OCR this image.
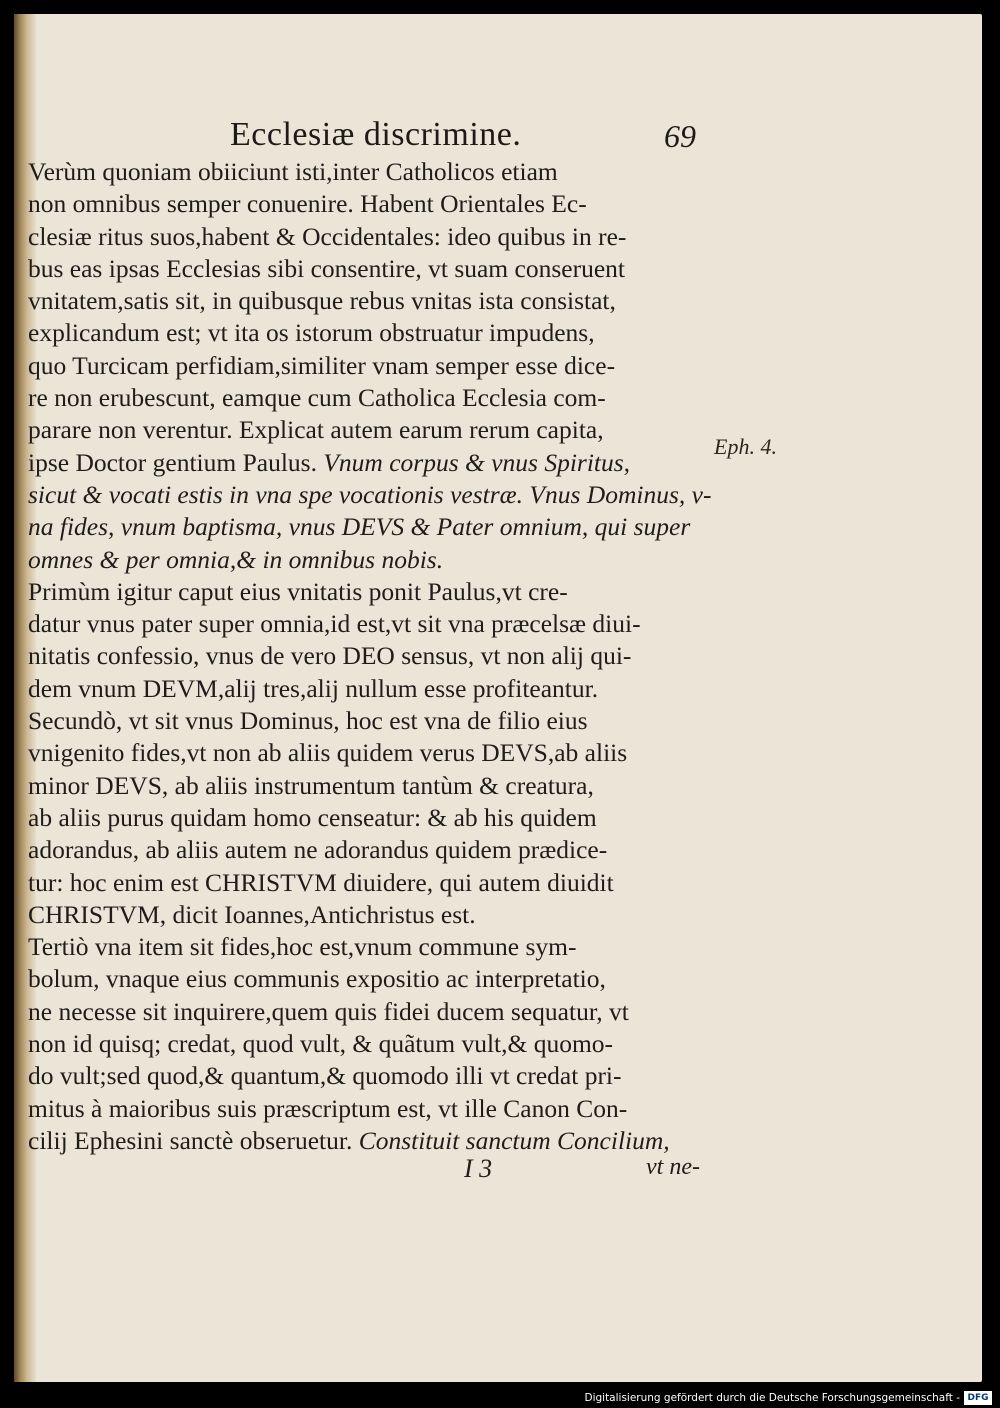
Ecclesiæ discrimine.	69
Verùm quoniam obiiciunt isti,inter Catholicos etiam
non omnibus semper conuenire. Habent Orientales Ec-
clesiæ ritus suos,habent & Occidentales: ideo quibus in re-
bus eas ipsas Ecclesias sibi consentire, vt suam conseruent
vnitatem,satis sit, in quibusque rebus vnitas ista consistat,
explicandum est; vt ita os istorum obstruatur impudens,
quo Turcicam perfidiam,similiter vnam semper esse dice-
re non erubescunt, eamque cum Catholica Ecclesia com-
parare non verentur. Explicat autem earum rerum capita,
ipse Doctor gentium Paulus. Vnum corpus & vnus Spiritus,
sicut & vocati estis in vna spe vocationis vestræ. Vnus Dominus, v-
na fides, vnum baptisma, vnus DEVS & Pater omnium, qui super
omnes & per omnia,& in omnibus nobis.
Primùm igitur caput eius vnitatis ponit Paulus,vt cre-
datur vnus pater super omnia,id est,vt sit vna præcelsæ diui-
nitatis confessio, vnus de vero DEO sensus, vt non alij qui-
dem vnum DEVM,alij tres,alij nullum esse profiteantur.
Secundò, vt sit vnus Dominus, hoc est vna de filio eius
vnigenito fides,vt non ab aliis quidem verus DEVS,ab aliis
minor DEVS, ab aliis instrumentum tantùm & creatura,
ab aliis purus quidam homo censeatur: & ab his quidem
adorandus, ab aliis autem ne adorandus quidem prædice-
tur: hoc enim est CHRISTVM diuidere, qui autem diuidit
CHRISTVM, dicit Ioannes,Antichristus est.
Tertiò vna item sit fides,hoc est,vnum commune sym-
bolum, vnaque eius communis expositio ac interpretatio,
ne necesse sit inquirere,quem quis fidei ducem sequatur, vt
non id quisq; credat, quod vult, & quãtum vult,& quomo-
do vult;sed quod,& quantum,& quomodo illi vt credat pri-
mitus à maioribus suis præscriptum est, vt ille Canon Con-
cilij Ephesini sanctè obseruetur. Constituit sanctum Concilium,
Eph. 4.
I 3	vt ne-
Digitalisierung gefördert durch die Deutsche Forschungsgemeinschaft - DFG
